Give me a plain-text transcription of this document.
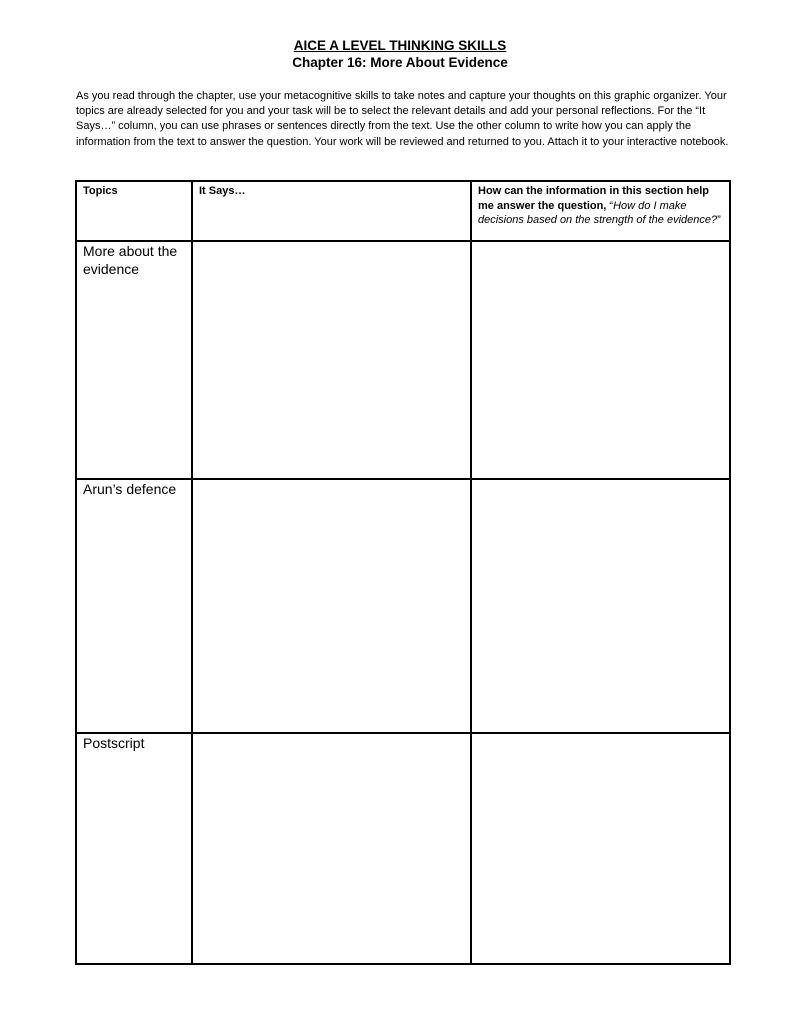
AICE A LEVEL THINKING SKILLS
Chapter 16: More About Evidence

As you read through the chapter, use your metacognitive skills to take notes and capture your thoughts on this graphic organizer. Your topics are already selected for you and your task will be to select the relevant details and add your personal reflections. For the “It Says…” column, you can use phrases or sentences directly from the text. Use the other column to write how you can apply the information from the text to answer the question. Your work will be reviewed and returned to you. Attach it to your interactive notebook.

Topics	It Says…	How can the information in this section help me answer the question, “How do I make decisions based on the strength of the evidence?”

More about the evidence		

Arun’s defence		

Postscript		
